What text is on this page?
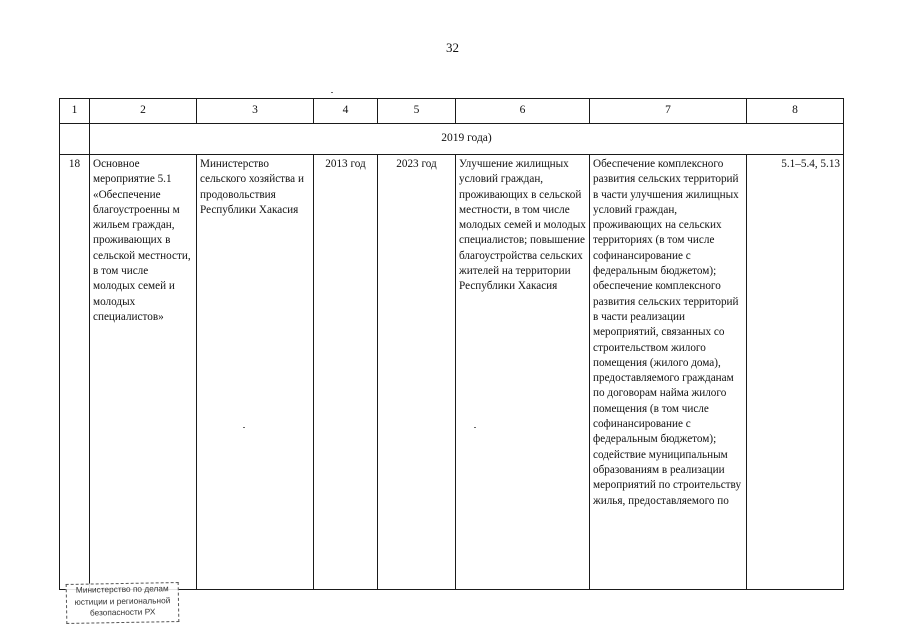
32
1	2	3	4	5	6	7	8
	2019 года)						
18	Основное мероприятие 5.1 «Обеспечение благоустроенны м жильем граждан, проживающих в сельской местности, в том числе молодых семей и молодых специалистов»	Министерство сельского хозяйства и продовольствия Республики Хакасия	2013 год	2023 год	Улучшение жилищных условий граждан, проживающих в сельской местности, в том числе молодых семей и молодых специалистов; повышение благоустройства сельских жителей на территории Республики Хакасия	Обеспечение комплексного развития сельских территорий в части улучшения жилищных условий граждан, проживающих на сельских территориях (в том числе софинансирование с федеральным бюджетом); обеспечение комплексного развития сельских территорий в части реализации мероприятий, связанных со строительством жилого помещения (жилого дома), предоставляемого гражданам по договорам найма жилого помещения (в том числе софинансирование с федеральным бюджетом); содействие муниципальным образованиям в реализации мероприятий по строительству жилья, предоставляемого по	5.1–5.4, 5.13
Министерство по делам
юстиции и региональной
безопасности РХ
